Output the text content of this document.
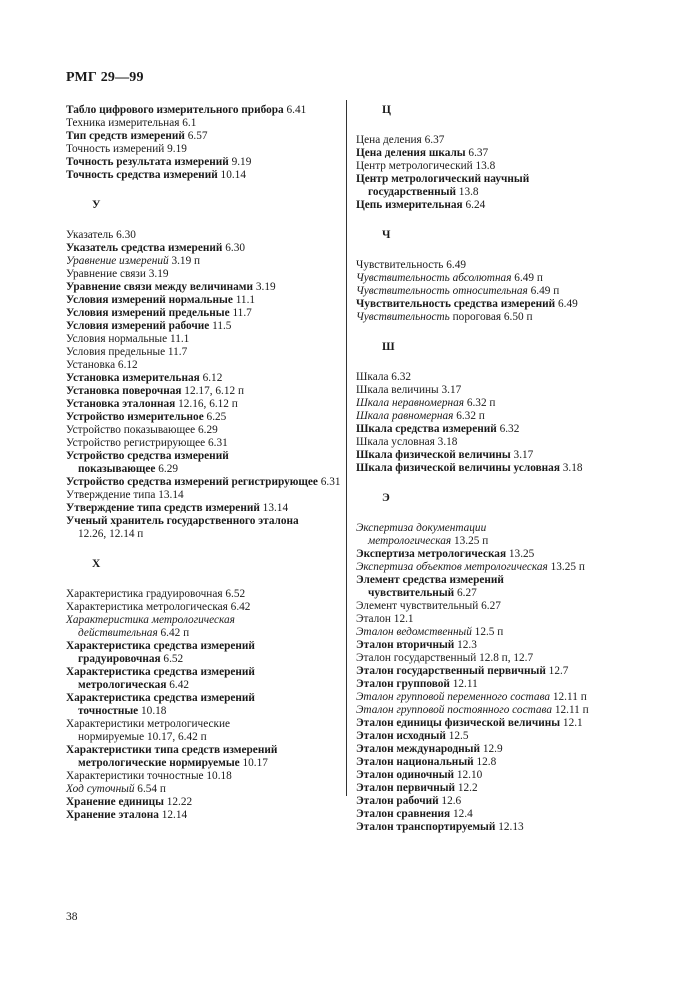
РМГ 29—99
Табло цифрового измерительного прибора 6.41
Техника измерительная 6.1
Тип средств измерений 6.57
Точность измерений 9.19
Точность результата измерений 9.19
Точность средства измерений 10.14
У
Указатель 6.30
Указатель средства измерений 6.30
Уравнение измерений 3.19 п
Уравнение связи 3.19
Уравнение связи между величинами 3.19
Условия измерений нормальные 11.1
Условия измерений предельные 11.7
Условия измерений рабочие 11.5
Условия нормальные 11.1
Условия предельные 11.7
Установка 6.12
Установка измерительная 6.12
Установка поверочная 12.17, 6.12 п
Установка эталонная 12.16, 6.12 п
Устройство измерительное 6.25
Устройство показывающее 6.29
Устройство регистрирующее 6.31
Устройство средства измерений показывающее 6.29
Устройство средства измерений регистрирующее 6.31
Утверждение типа 13.14
Утверждение типа средств измерений 13.14
Ученый хранитель государственного эталона 12.26, 12.14 п
Х
Характеристика градуировочная 6.52
Характеристика метрологическая 6.42
Характеристика метрологическая действительная 6.42 п
Характеристика средства измерений градуировочная 6.52
Характеристика средства измерений метрологическая 6.42
Характеристика средства измерений точностные 10.18
Характеристики метрологические нормируемые 10.17, 6.42 п
Характеристики типа средств измерений метрологические нормируемые 10.17
Характеристики точностные 10.18
Ход суточный 6.54 п
Хранение единицы 12.22
Хранение эталона 12.14
Ц
Цена деления 6.37
Цена деления шкалы 6.37
Центр метрологический 13.8
Центр метрологический научный государственный 13.8
Цепь измерительная 6.24
Ч
Чувствительность 6.49
Чувствительность абсолютная 6.49 п
Чувствительность относительная 6.49 п
Чувствительность средства измерений 6.49
Чувствительность пороговая 6.50 п
Ш
Шкала 6.32
Шкала величины 3.17
Шкала неравномерная 6.32 п
Шкала равномерная 6.32 п
Шкала средства измерений 6.32
Шкала условная 3.18
Шкала физической величины 3.17
Шкала физической величины условная 3.18
Э
Экспертиза документации метрологическая 13.25 п
Экспертиза метрологическая 13.25
Экспертиза объектов метрологическая 13.25 п
Элемент средства измерений чувствительный 6.27
Элемент чувствительный 6.27
Эталон 12.1
Эталон ведомственный 12.5 п
Эталон вторичный 12.3
Эталон государственный 12.8 п, 12.7
Эталон государственный первичный 12.7
Эталон групповой 12.11
Эталон групповой переменного состава 12.11 п
Эталон групповой постоянного состава 12.11 п
Эталон единицы физической величины 12.1
Эталон исходный 12.5
Эталон международный 12.9
Эталон национальный 12.8
Эталон одиночный 12.10
Эталон первичный 12.2
Эталон рабочий 12.6
Эталон сравнения 12.4
Эталон транспортируемый 12.13
38
